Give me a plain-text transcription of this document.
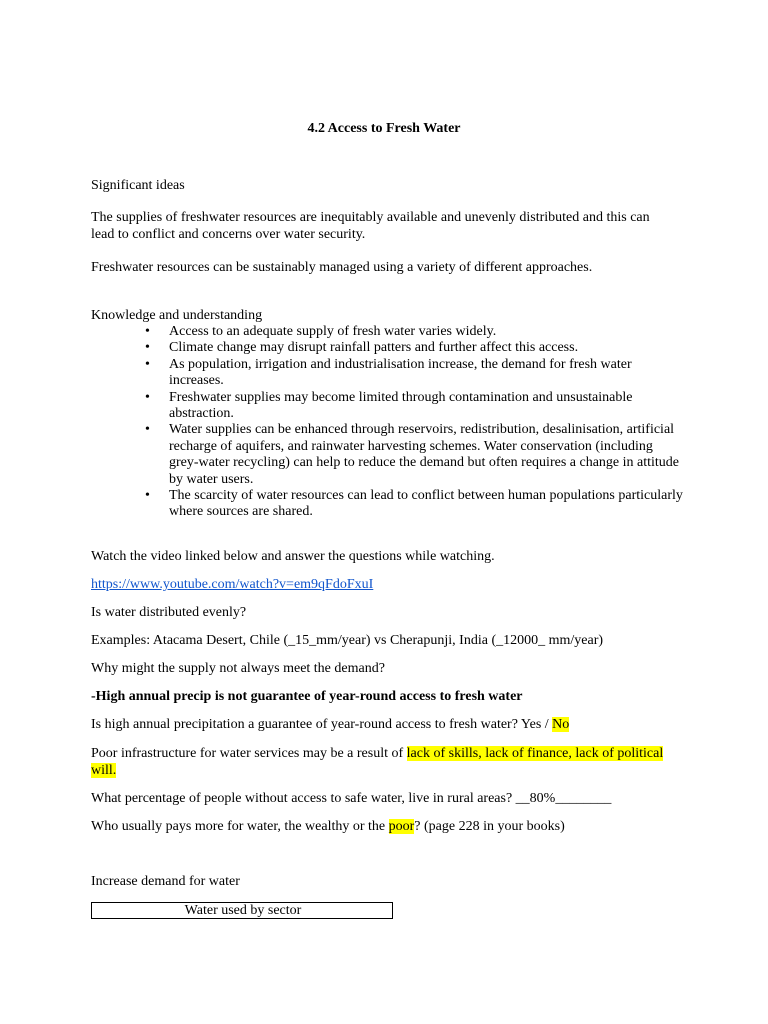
4.2 Access to Fresh Water
Significant ideas
The supplies of freshwater resources are inequitably available and unevenly distributed and this can lead to conflict and concerns over water security.
Freshwater resources can be sustainably managed using a variety of different approaches.
Knowledge and understanding
• Access to an adequate supply of fresh water varies widely.
• Climate change may disrupt rainfall patters and further affect this access.
• As population, irrigation and industrialisation increase, the demand for fresh water increases.
• Freshwater supplies may become limited through contamination and unsustainable abstraction.
• Water supplies can be enhanced through reservoirs, redistribution, desalinisation, artificial recharge of aquifers, and rainwater harvesting schemes. Water conservation (including grey-water recycling) can help to reduce the demand but often requires a change in attitude by water users.
• The scarcity of water resources can lead to conflict between human populations particularly where sources are shared.
Watch the video linked below and answer the questions while watching.
https://www.youtube.com/watch?v=em9qFdoFxuI
Is water distributed evenly?
Examples: Atacama Desert, Chile (_15_mm/year) vs Cherapunji, India (_12000_ mm/year)
Why might the supply not always meet the demand?
-High annual precip is not guarantee of year-round access to fresh water
Is high annual precipitation a guarantee of year-round access to fresh water? Yes / No
Poor infrastructure for water services may be a result of lack of skills, lack of finance, lack of political will.
What percentage of people without access to safe water, live in rural areas? __80%________
Who usually pays more for water, the wealthy or the poor? (page 228 in your books)
Increase demand for water
Water used by sector
